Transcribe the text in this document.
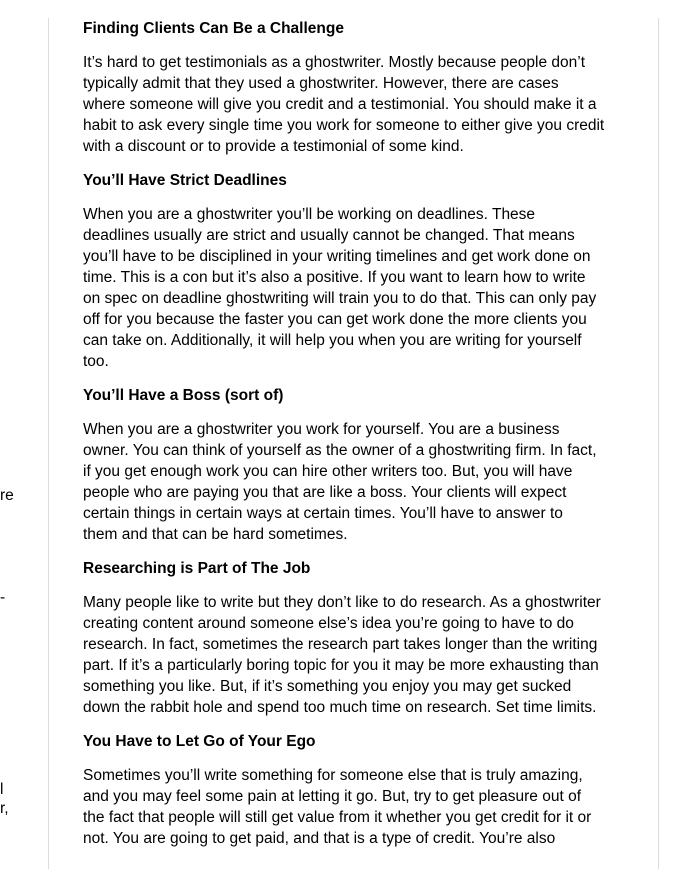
re
-
l
r,
Finding Clients Can Be a Challenge
It’s hard to get testimonials as a ghostwriter. Mostly because people don’t
typically admit that they used a ghostwriter. However, there are cases
where someone will give you credit and a testimonial. You should make it a
habit to ask every single time you work for someone to either give you credit
with a discount or to provide a testimonial of some kind.
You’ll Have Strict Deadlines
When you are a ghostwriter you’ll be working on deadlines. These
deadlines usually are strict and usually cannot be changed. That means
you’ll have to be disciplined in your writing timelines and get work done on
time. This is a con but it’s also a positive. If you want to learn how to write
on spec on deadline ghostwriting will train you to do that. This can only pay
off for you because the faster you can get work done the more clients you
can take on. Additionally, it will help you when you are writing for yourself
too.
You’ll Have a Boss (sort of)
When you are a ghostwriter you work for yourself. You are a business
owner. You can think of yourself as the owner of a ghostwriting firm. In fact,
if you get enough work you can hire other writers too. But, you will have
people who are paying you that are like a boss. Your clients will expect
certain things in certain ways at certain times. You’ll have to answer to
them and that can be hard sometimes.
Researching is Part of The Job
Many people like to write but they don’t like to do research. As a ghostwriter
creating content around someone else’s idea you’re going to have to do
research. In fact, sometimes the research part takes longer than the writing
part. If it’s a particularly boring topic for you it may be more exhausting than
something you like. But, if it’s something you enjoy you may get sucked
down the rabbit hole and spend too much time on research. Set time limits.
You Have to Let Go of Your Ego
Sometimes you’ll write something for someone else that is truly amazing,
and you may feel some pain at letting it go. But, try to get pleasure out of
the fact that people will still get value from it whether you get credit for it or
not. You are going to get paid, and that is a type of credit. You’re also
